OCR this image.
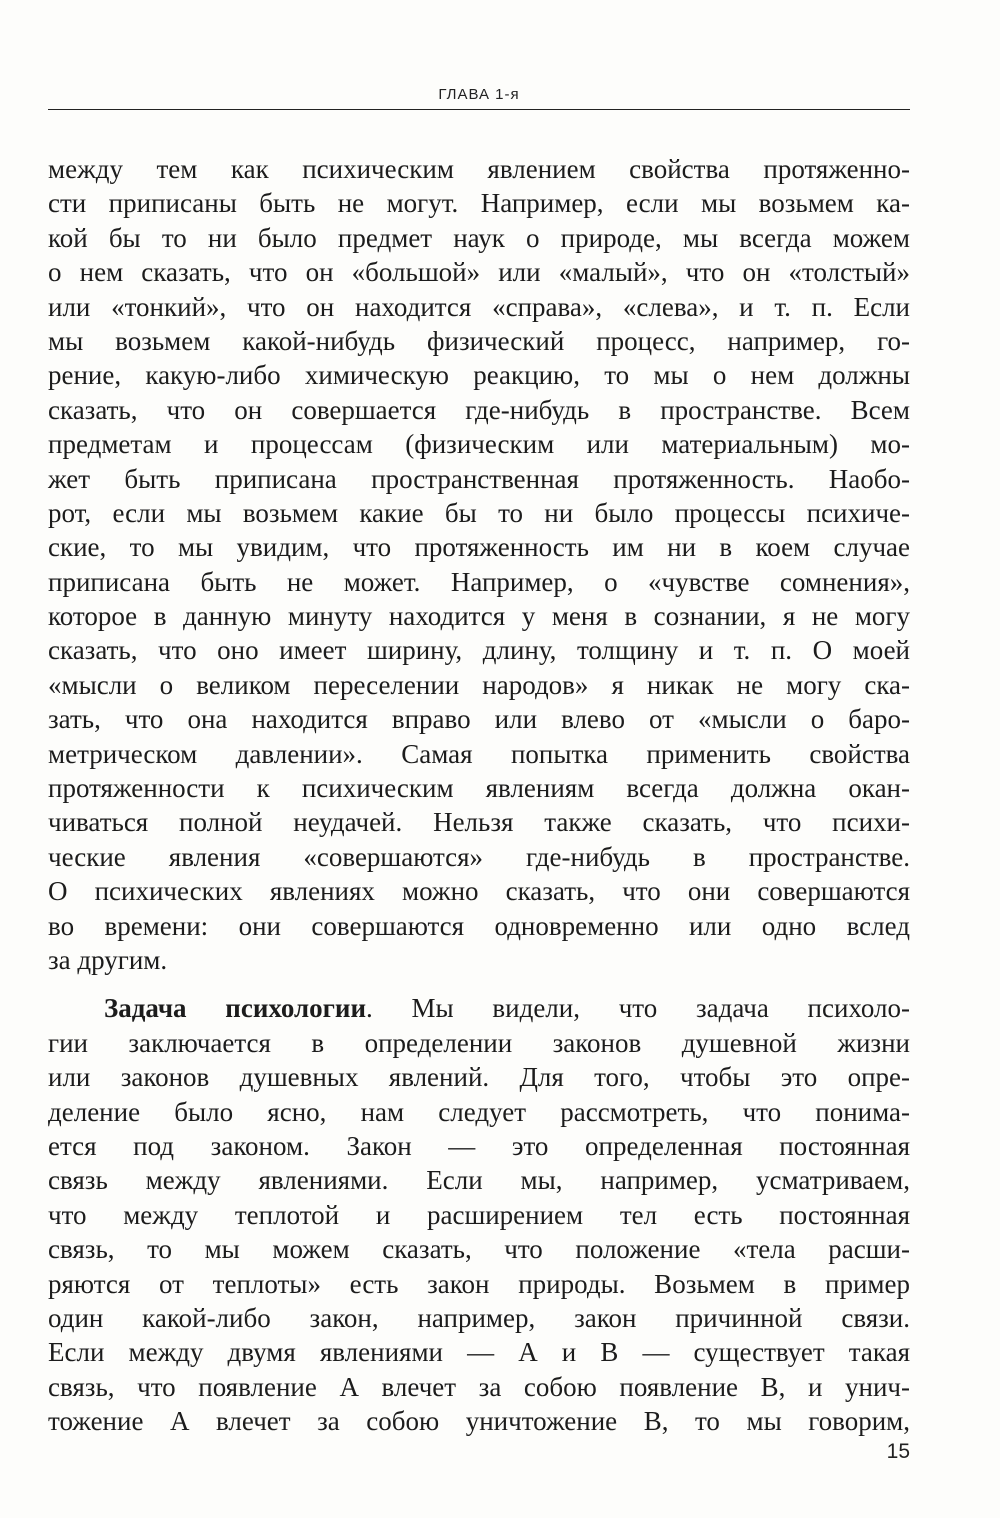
ГЛАВА 1-я
между тем как психическим явлением свойства протяженно-
сти приписаны быть не могут. Например, если мы возьмем ка-
кой бы то ни было предмет наук о природе, мы всегда можем
о нем сказать, что он «большой» или «малый», что он «толстый»
или «тонкий», что он находится «справа», «слева», и т. п. Если
мы возьмем какой-нибудь физический процесс, например, го-
рение, какую-либо химическую реакцию, то мы о нем должны
сказать, что он совершается где-нибудь в пространстве. Всем
предметам и процессам (физическим или материальным) мо-
жет быть приписана пространственная протяженность. Наобо-
рот, если мы возьмем какие бы то ни было процессы психиче-
ские, то мы увидим, что протяженность им ни в коем случае
приписана быть не может. Например, о «чувстве сомнения»,
которое в данную минуту находится у меня в сознании, я не могу
сказать, что оно имеет ширину, длину, толщину и т. п. О моей
«мысли о великом переселении народов» я никак не могу ска-
зать, что она находится вправо или влево от «мысли о баро-
метрическом давлении». Самая попытка применить свойства
протяженности к психическим явлениям всегда должна окан-
чиваться полной неудачей. Нельзя также сказать, что психи-
ческие явления «совершаются» где-нибудь в пространстве.
О психических явлениях можно сказать, что они совершаются
во времени: они совершаются одновременно или одно вслед
за другим.
Задача психологии. Мы видели, что задача психоло-
гии заключается в определении законов душевной жизни
или законов душевных явлений. Для того, чтобы это опре-
деление было ясно, нам следует рассмотреть, что понима-
ется под законом. Закон — это определенная постоянная
связь между явлениями. Если мы, например, усматриваем,
что между теплотой и расширением тел есть постоянная
связь, то мы можем сказать, что положение «тела расши-
ряются от теплоты» есть закон природы. Возьмем в пример
один какой-либо закон, например, закон причинной связи.
Если между двумя явлениями — А и В — существует такая
связь, что появление А влечет за собою появление В, и унич-
тожение А влечет за собою уничтожение В, то мы говорим,
15
